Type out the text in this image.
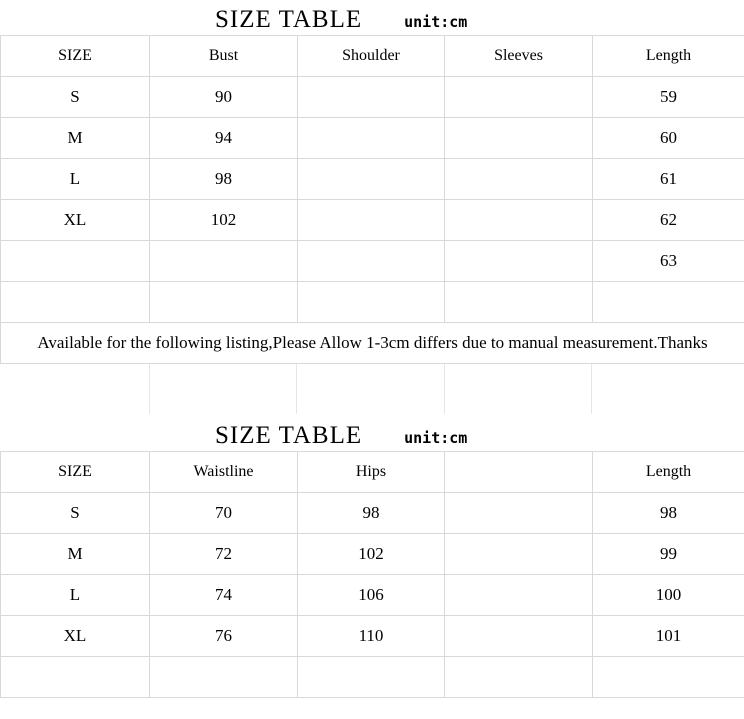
SIZE TABLE	unit:cm
SIZE	Bust	Shoulder	Sleeves	Length
S	90			59
M	94			60
L	98			61
XL	102			62
				63

Available for the following listing,Please Allow 1-3cm differs due to manual measurement.Thanks				
SIZE TABLE	unit:cm
SIZE	Waistline	Hips		Length
S	70	98		98
M	72	102		99
L	74	106		100
XL	76	110		101
